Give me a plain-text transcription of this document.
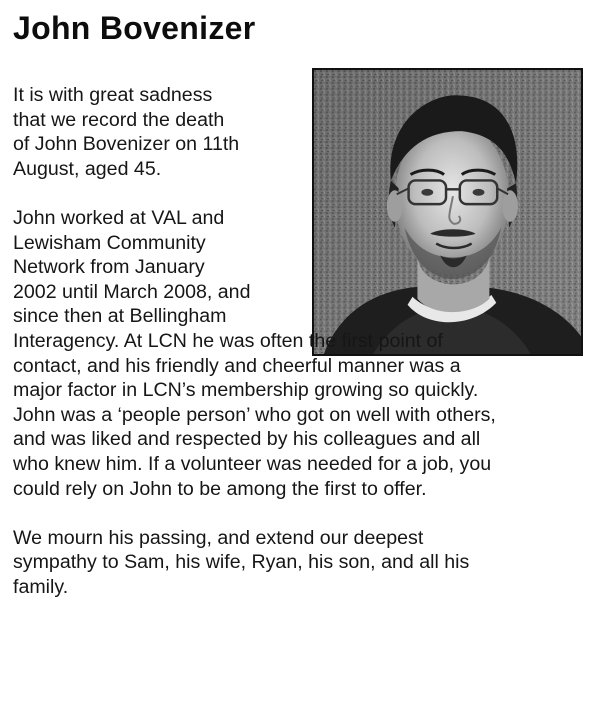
John Bovenizer

It is with great sadness
that we record the death
of John Bovenizer on 11th
August, aged 45.

John worked at VAL and
Lewisham Community
Network from January
2002 until March 2008, and
since then at Bellingham
Interagency. At LCN he was often the first point of
contact, and his friendly and cheerful manner was a
major factor in LCN’s membership growing so quickly.
John was a ‘people person’ who got on well with others,
and was liked and respected by his colleagues and all
who knew him. If a volunteer was needed for a job, you
could rely on John to be among the first to offer.

We mourn his passing, and extend our deepest
sympathy to Sam, his wife, Ryan, his son, and all his
family.
